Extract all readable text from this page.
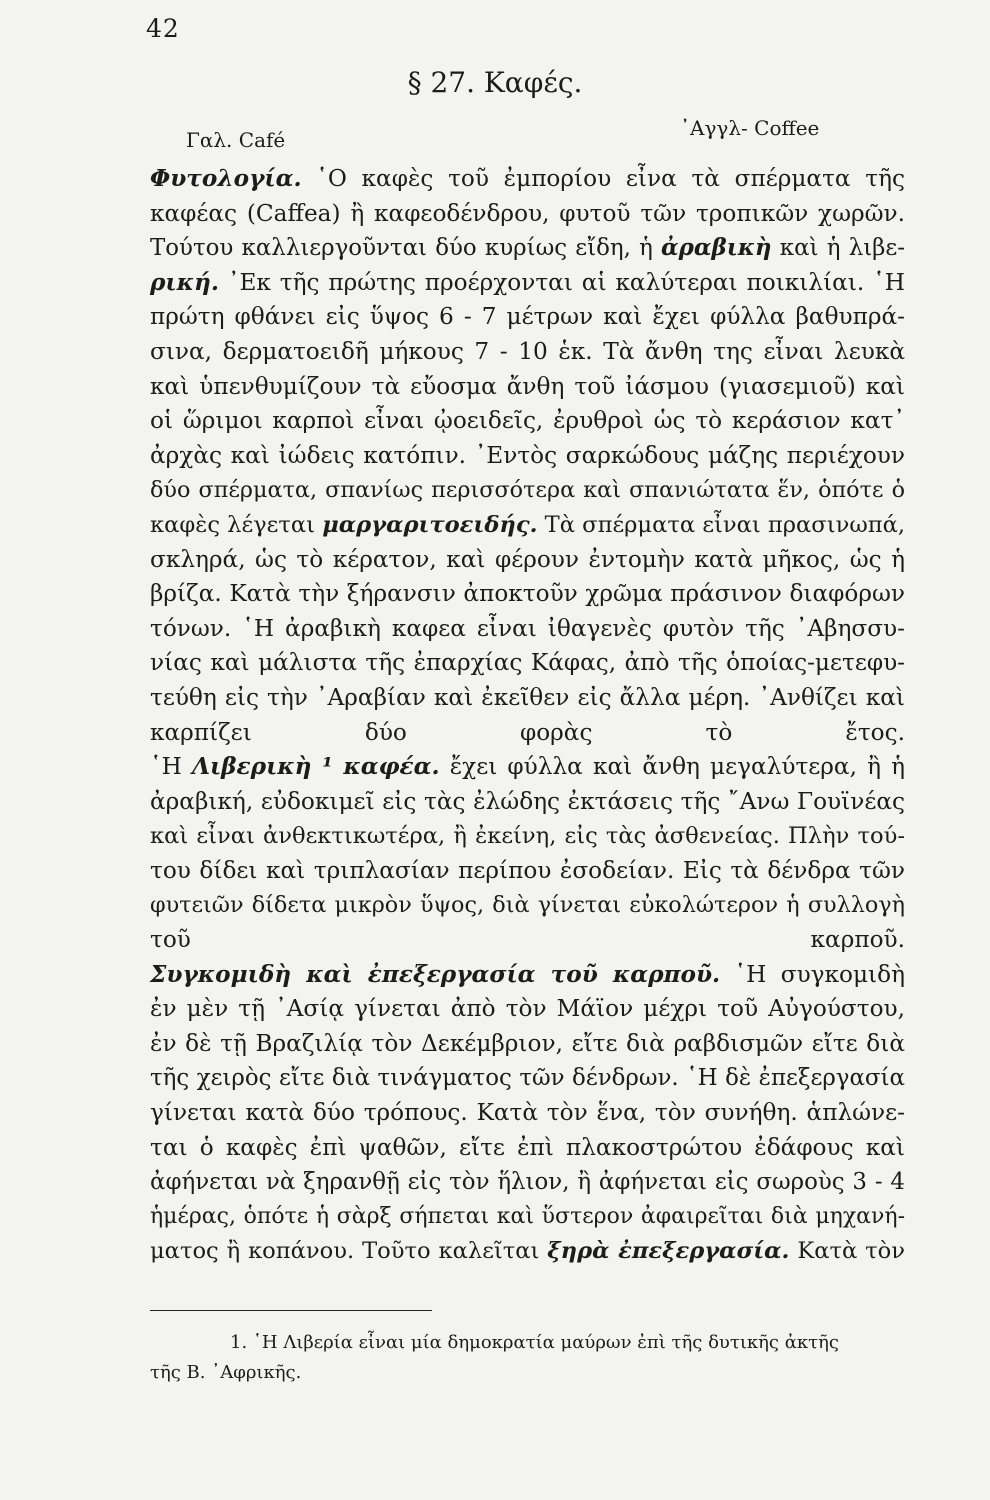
42
§ 27. Καφές.
Γαλ. Café	᾿Αγγλ- Coffee
Φυτολογία. ῾Ο καφὲς τοῦ ἐμπορίου εἶνα τὰ σπέρματα τῆς
καφέας (Caffea) ἢ καφεοδένδρου, φυτοῦ τῶν τροπικῶν χωρῶν.
Τούτου καλλιεργοῦνται δύο κυρίως εἴδη, ἡ ἀραβικὴ καὶ ἡ λιβε-
ρική. ᾿Εκ τῆς πρώτης προέρχονται αἱ καλύτεραι ποικιλίαι. ῾Η
πρώτη φθάνει εἰς ὕψος 6 - 7 μέτρων καὶ ἔχει φύλλα βαθυπρά-
σινα, δερματοειδῆ μήκους 7 - 10 ἑκ. Τὰ ἄνθη της εἶναι λευκὰ
καὶ ὑπενθυμίζουν τὰ εὔοσμα ἄνθη τοῦ ἰάσμου (γιασεμιοῦ) καὶ
οἱ ὥριμοι καρποὶ εἶναι ᾠοειδεῖς, ἐρυθροὶ ὡς τὸ κεράσιον κατ᾿
ἀρχὰς καὶ ἰώδεις κατόπιν. ᾿Εντὸς σαρκώδους μάζης περιέχουν
δύο σπέρματα, σπανίως περισσότερα καὶ σπανιώτατα ἕν, ὁπότε ὁ
καφὲς λέγεται μαργαριτοειδής. Τὰ σπέρματα εἶναι πρασινωπά,
σκληρά, ὡς τὸ κέρατον, καὶ φέρουν ἐντομὴν κατὰ μῆκος, ὡς ἡ
βρίζα. Κατὰ τὴν ξήρανσιν ἀποκτοῦν χρῶμα πράσινον διαφόρων
τόνων. ῾Η ἀραβικὴ καφεα εἶναι ἰθαγενὲς φυτὸν τῆς ᾿Αβησσυ-
νίας καὶ μάλιστα τῆς ἐπαρχίας Κάφας, ἀπὸ τῆς ὁποίας-μετεφυ-
τεύθη εἰς τὴν ᾿Αραβίαν καὶ ἐκεῖθεν εἰς ἄλλα μέρη. ᾿Ανθίζει καὶ
καρπίζει δύο φορὰς τὸ ἔτος.
῾Η Λιβερικὴ ¹ καφέα. ἔχει φύλλα καὶ ἄνθη μεγαλύτερα, ἢ ἡ
ἀραβική, εὐδοκιμεῖ εἰς τὰς ἐλώδης ἐκτάσεις τῆς ῎Ανω Γουϊνέας
καὶ εἶναι ἀνθεκτικωτέρα, ἢ ἐκείνη, εἰς τὰς ἀσθενείας. Πλὴν τού-
του δίδει καὶ τριπλασίαν περίπου ἐσοδείαν. Εἰς τὰ δένδρα τῶν
φυτειῶν δίδετα μικρὸν ὕψος, διὰ γίνεται εὐκολώτερον ἡ συλλογὴ
τοῦ καρποῦ.
Συγκομιδὴ καὶ ἐπεξεργασία τοῦ καρποῦ. ῾Η συγκομιδὴ
ἐν μὲν τῇ ᾿Ασίᾳ γίνεται ἀπὸ τὸν Μάϊον μέχρι τοῦ Αὐγούστου,
ἐν δὲ τῇ Βραζιλίᾳ τὸν Δεκέμβριον, εἴτε διὰ ραβδισμῶν εἴτε διὰ
τῆς χειρὸς εἴτε διὰ τινάγματος τῶν δένδρων. ῾Η δὲ ἐπεξεργασία
γίνεται κατὰ δύο τρόπους. Κατὰ τὸν ἕνα, τὸν συνήθη. ἁπλώνε-
ται ὁ καφὲς ἐπὶ ψαθῶν, εἴτε ἐπὶ πλακοστρώτου ἐδάφους καὶ
ἀφήνεται νὰ ξηρανθῇ εἰς τὸν ἥλιον, ἢ ἀφήνεται εἰς σωροὺς 3 - 4
ἡμέρας, ὁπότε ἡ σὰρξ σήπεται καὶ ὕστερον ἀφαιρεῖται διὰ μηχανή-
ματος ἢ κοπάνου. Τοῦτο καλεῖται ξηρὰ ἐπεξεργασία. Κατὰ τὸν
1. ῾Η Λιβερία εἶναι μία δημοκρατία μαύρων ἐπὶ τῆς δυτικῆς ἀκτῆς
τῆς Β. ᾿Αφρικῆς.
